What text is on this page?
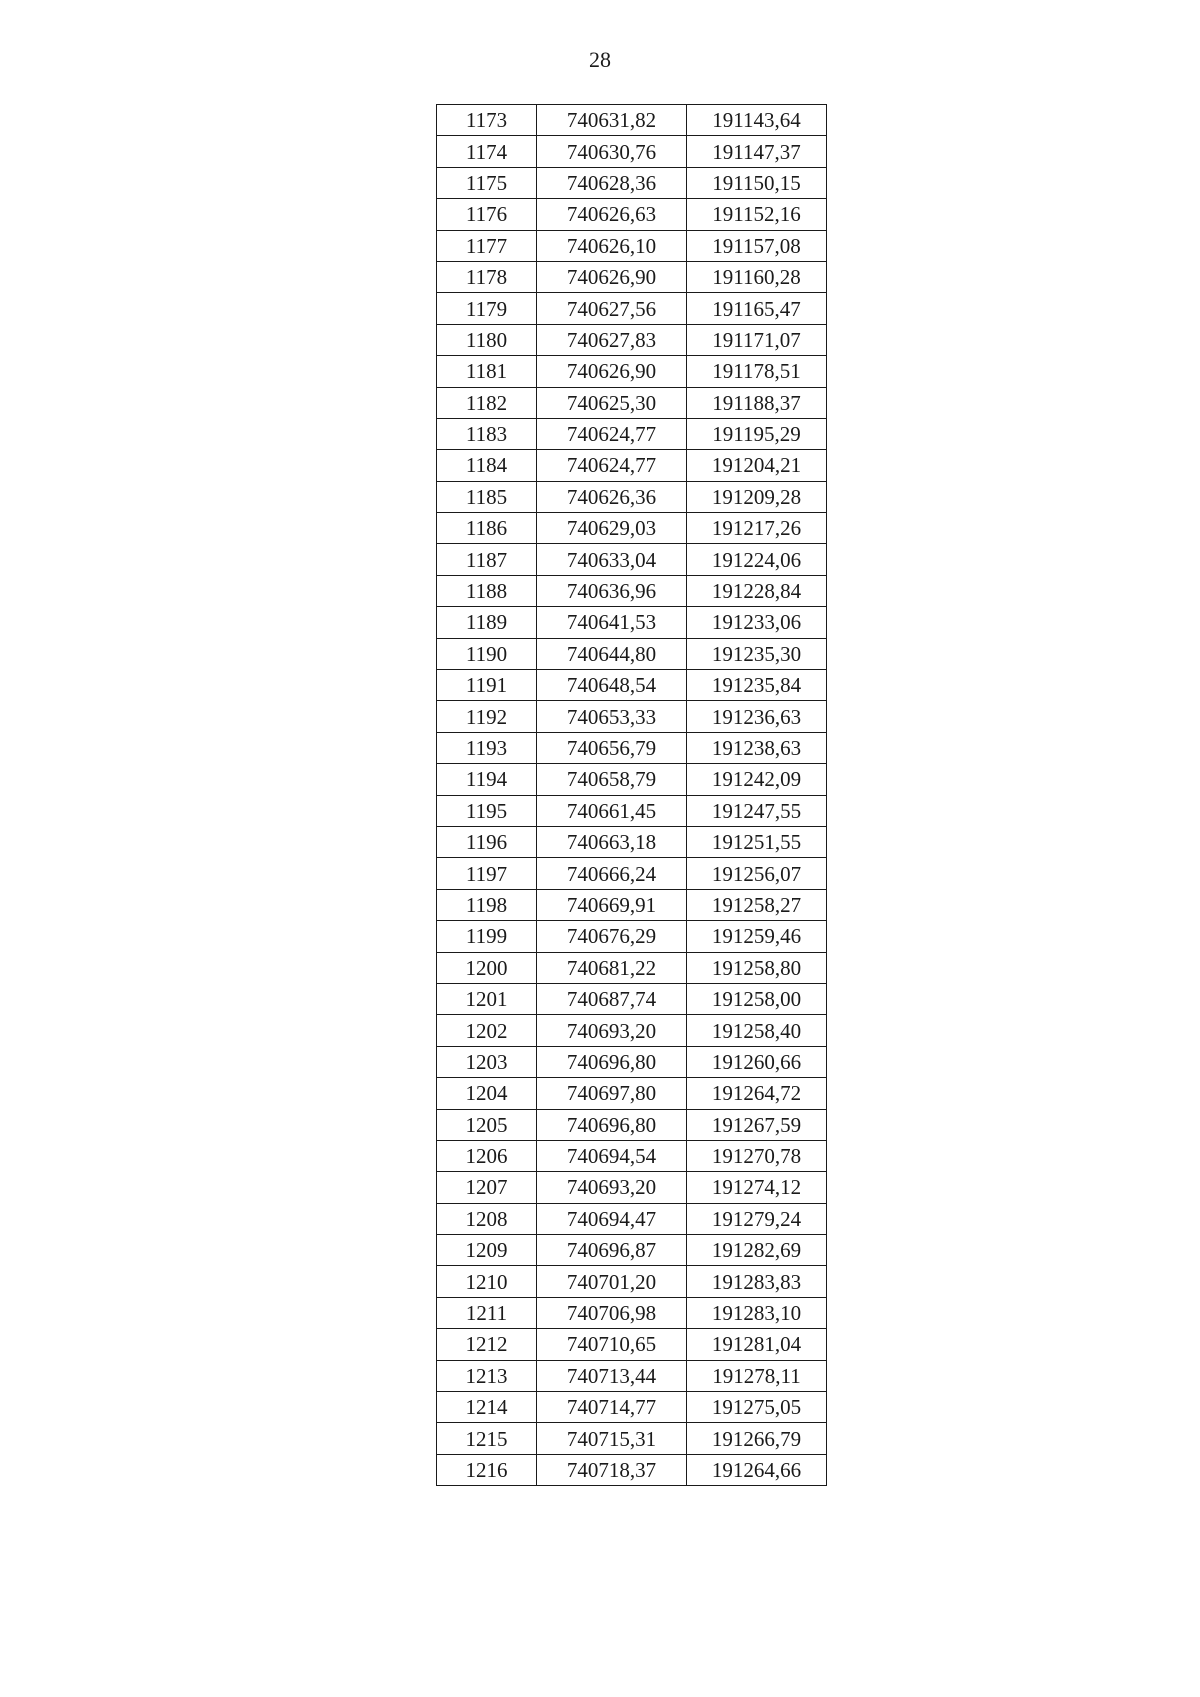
28
1173	740631,82	191143,64
1174	740630,76	191147,37
1175	740628,36	191150,15
1176	740626,63	191152,16
1177	740626,10	191157,08
1178	740626,90	191160,28
1179	740627,56	191165,47
1180	740627,83	191171,07
1181	740626,90	191178,51
1182	740625,30	191188,37
1183	740624,77	191195,29
1184	740624,77	191204,21
1185	740626,36	191209,28
1186	740629,03	191217,26
1187	740633,04	191224,06
1188	740636,96	191228,84
1189	740641,53	191233,06
1190	740644,80	191235,30
1191	740648,54	191235,84
1192	740653,33	191236,63
1193	740656,79	191238,63
1194	740658,79	191242,09
1195	740661,45	191247,55
1196	740663,18	191251,55
1197	740666,24	191256,07
1198	740669,91	191258,27
1199	740676,29	191259,46
1200	740681,22	191258,80
1201	740687,74	191258,00
1202	740693,20	191258,40
1203	740696,80	191260,66
1204	740697,80	191264,72
1205	740696,80	191267,59
1206	740694,54	191270,78
1207	740693,20	191274,12
1208	740694,47	191279,24
1209	740696,87	191282,69
1210	740701,20	191283,83
1211	740706,98	191283,10
1212	740710,65	191281,04
1213	740713,44	191278,11
1214	740714,77	191275,05
1215	740715,31	191266,79
1216	740718,37	191264,66
